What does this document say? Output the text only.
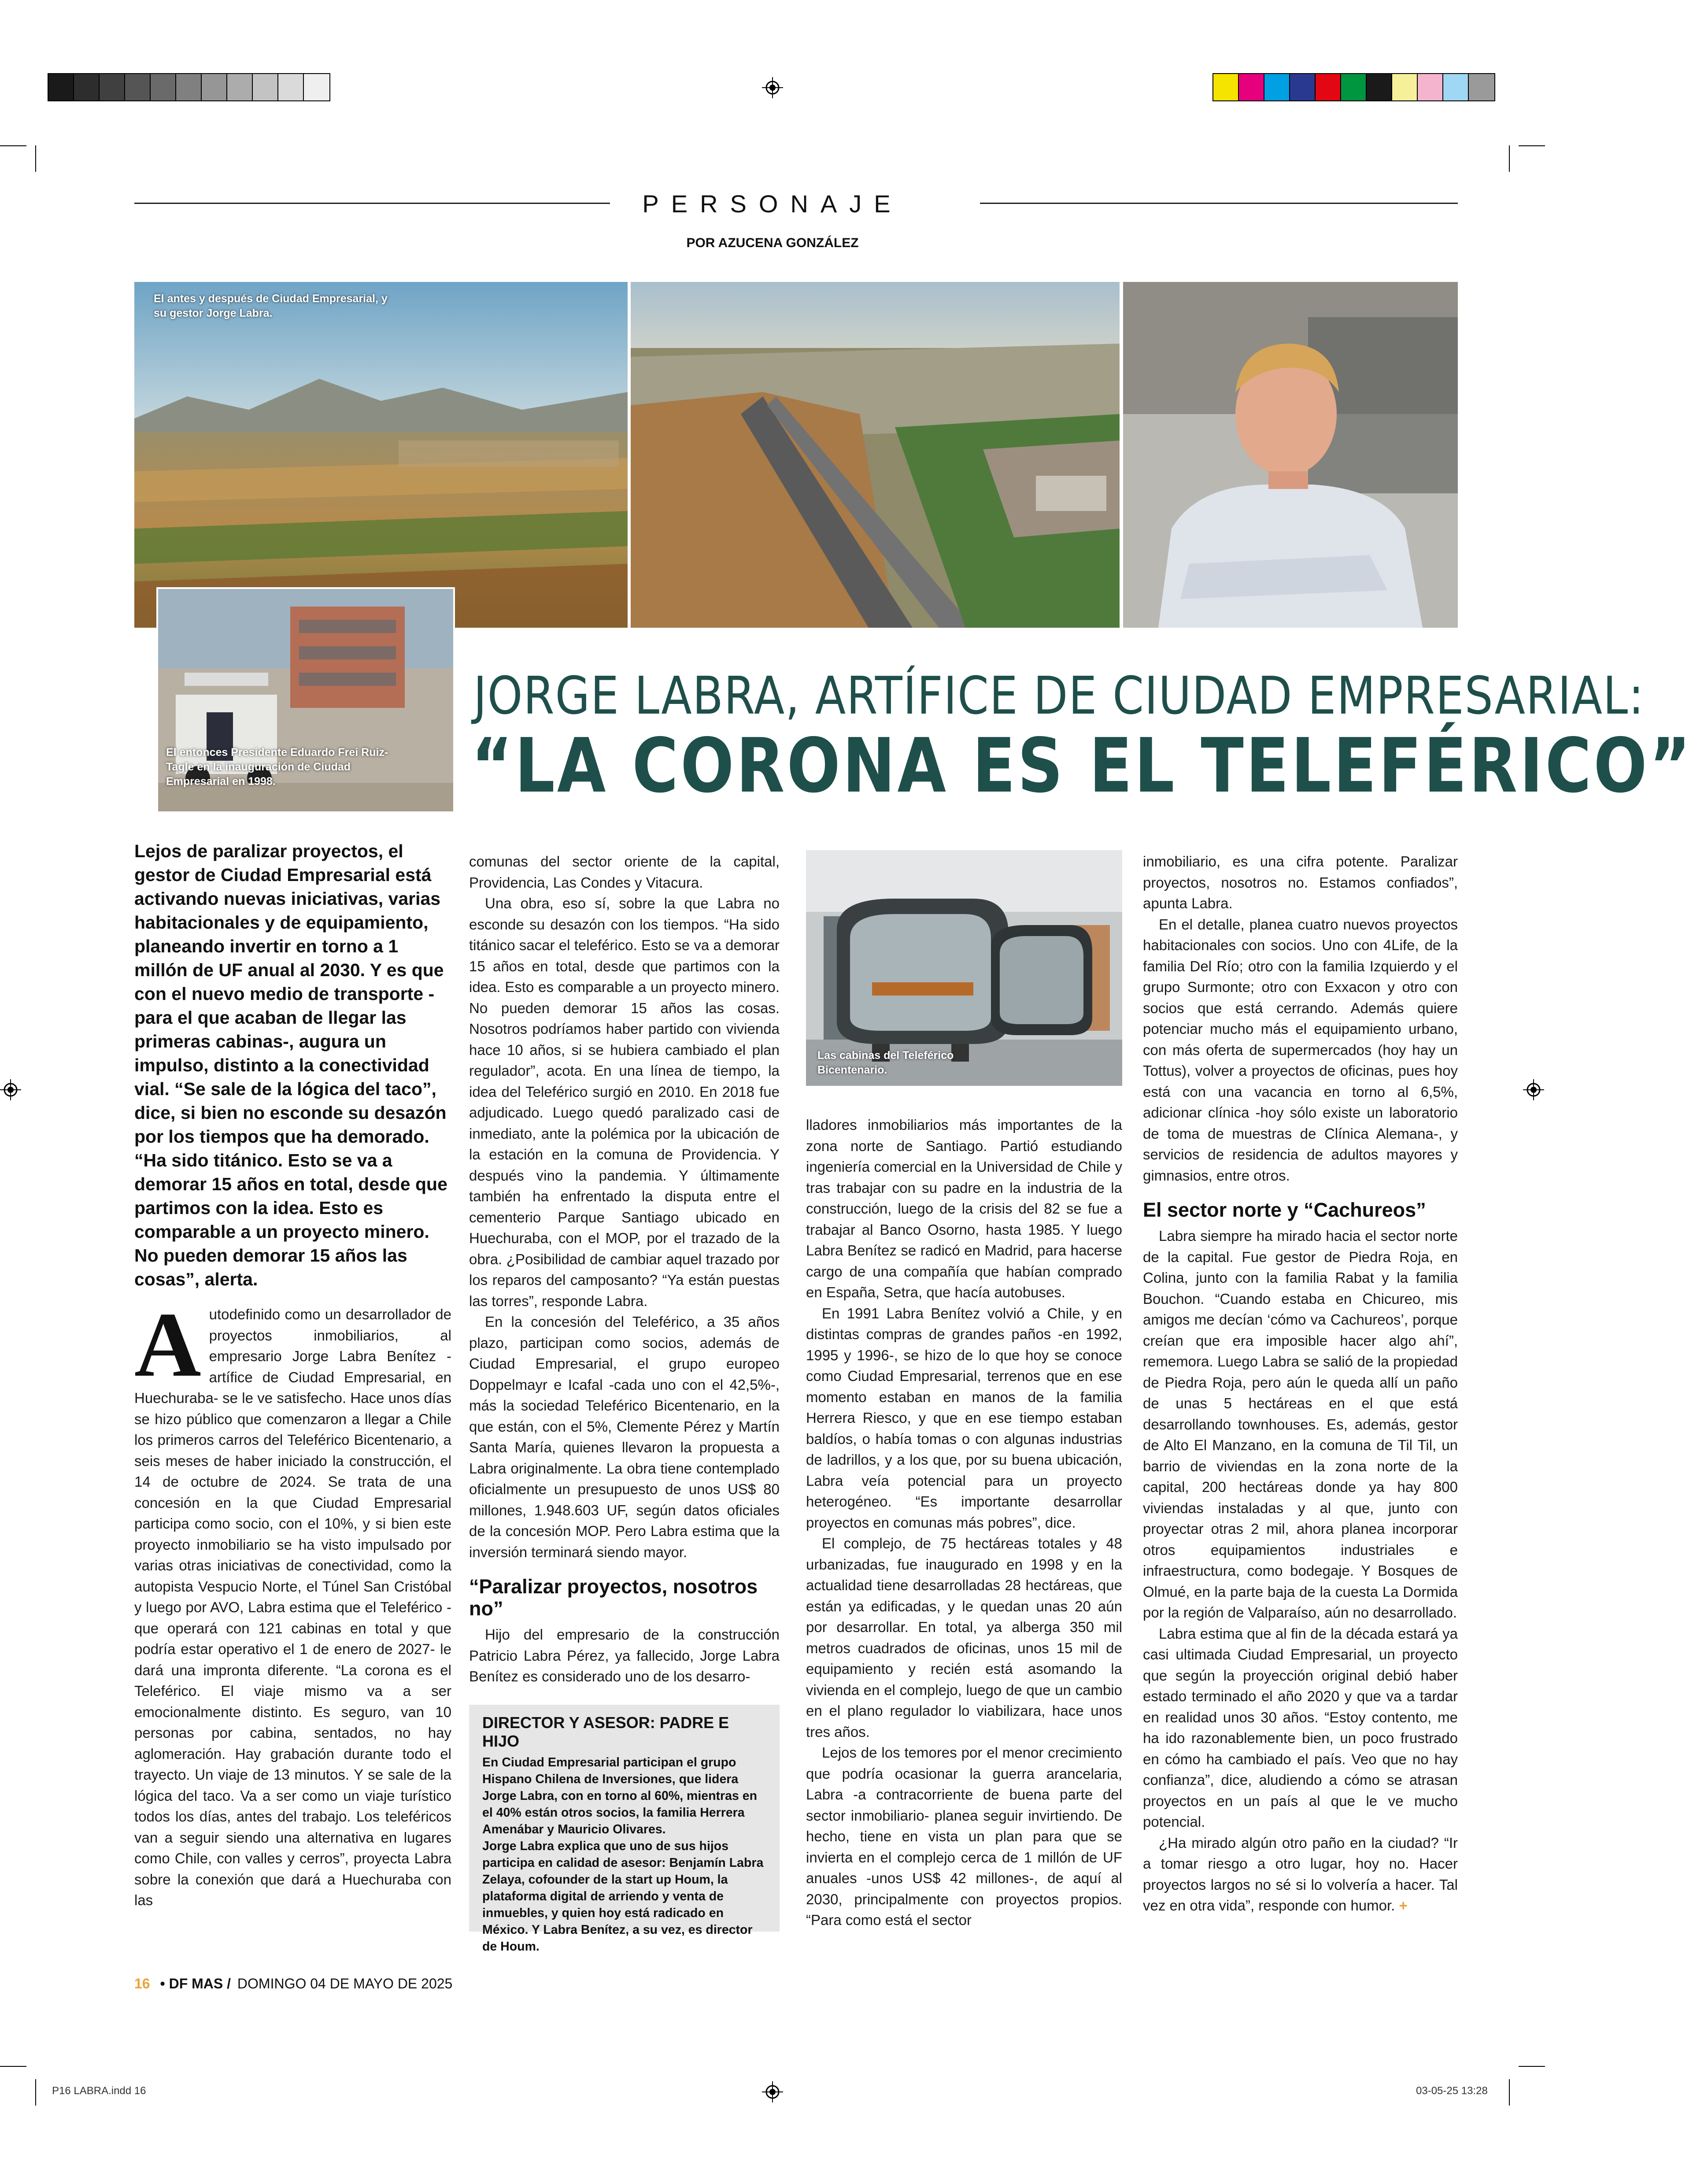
PERSONAJE
POR AZUCENA GONZÁLEZ
El antes y después de Ciudad Empresarial, y su gestor Jorge Labra.
El entonces Presidente Eduardo Frei Ruiz-Tagle en la inauguración de Ciudad Empresarial en 1998.
JORGE LABRA, ARTÍFICE DE CIUDAD EMPRESARIAL:
“LA CORONA ES EL TELEFÉRICO”
Lejos de paralizar proyectos, el gestor de Ciudad Empresarial está activando nuevas iniciativas, varias habitacionales y de equipamiento, planeando invertir en torno a 1 millón de UF anual al 2030. Y es que con el nuevo medio de transporte -para el que acaban de llegar las primeras cabinas-, augura un impulso, distinto a la conectividad vial. “Se sale de la lógica del taco”, dice, si bien no esconde su desazón por los tiempos que ha demorado. “Ha sido titánico. Esto se va a demorar 15 años en total, desde que partimos con la idea. Esto es comparable a un proyecto minero. No pueden demorar 15 años las cosas”, alerta.

Autodefinido como un desarrollador de proyectos inmobiliarios, al empresario Jorge Labra Benítez -artífice de Ciudad Empresarial, en Huechuraba- se le ve satisfecho. Hace unos días se hizo público que comenzaron a llegar a Chile los primeros carros del Teleférico Bicentenario, a seis meses de haber iniciado la construcción, el 14 de octubre de 2024. Se trata de una concesión en la que Ciudad Empresarial participa como socio, con el 10%, y si bien este proyecto inmobiliario se ha visto impulsado por varias otras iniciativas de conectividad, como la autopista Vespucio Norte, el Túnel San Cristóbal y luego por AVO, Labra estima que el Teleférico -que operará con 121 cabinas en total y que podría estar operativo el 1 de enero de 2027- le dará una impronta diferente. “La corona es el Teleférico. El viaje mismo va a ser emocionalmente distinto. Es seguro, van 10 personas por cabina, sentados, no hay aglomeración. Hay grabación durante todo el trayecto. Un viaje de 13 minutos. Y se sale de la lógica del taco. Va a ser como un viaje turístico todos los días, antes del trabajo. Los teleféricos van a seguir siendo una alternativa en lugares como Chile, con valles y cerros”, proyecta Labra sobre la conexión que dará a Huechuraba con las

comunas del sector oriente de la capital, Providencia, Las Condes y Vitacura.

Una obra, eso sí, sobre la que Labra no esconde su desazón con los tiempos. “Ha sido titánico sacar el teleférico. Esto se va a demorar 15 años en total, desde que partimos con la idea. Esto es comparable a un proyecto minero. No pueden demorar 15 años las cosas. Nosotros podríamos haber partido con vivienda hace 10 años, si se hubiera cambiado el plan regulador”, acota. En una línea de tiempo, la idea del Teleférico surgió en 2010. En 2018 fue adjudicado. Luego quedó paralizado casi de inmediato, ante la polémica por la ubicación de la estación en la comuna de Providencia. Y después vino la pandemia. Y últimamente también ha enfrentado la disputa entre el cementerio Parque Santiago ubicado en Huechuraba, con el MOP, por el trazado de la obra. ¿Posibilidad de cambiar aquel trazado por los reparos del camposanto? “Ya están puestas las torres”, responde Labra.

En la concesión del Teleférico, a 35 años plazo, participan como socios, además de Ciudad Empresarial, el grupo europeo Doppelmayr e Icafal -cada uno con el 42,5%-, más la sociedad Teleférico Bicentenario, en la que están, con el 5%, Clemente Pérez y Martín Santa María, quienes llevaron la propuesta a Labra originalmente. La obra tiene contemplado oficialmente un presupuesto de unos US$ 80 millones, 1.948.603 UF, según datos oficiales de la concesión MOP. Pero Labra estima que la inversión terminará siendo mayor.

“Paralizar proyectos, nosotros no”

Hijo del empresario de la construcción Patricio Labra Pérez, ya fallecido, Jorge Labra Benítez es considerado uno de los desarro-

DIRECTOR Y ASESOR: PADRE E HIJO

En Ciudad Empresarial participan el grupo Hispano Chilena de Inversiones, que lidera Jorge Labra, con en torno al 60%, mientras en el 40% están otros socios, la familia Herrera Amenábar y Mauricio Olivares.

Jorge Labra explica que uno de sus hijos participa en calidad de asesor: Benjamín Labra Zelaya, cofounder de la start up Houm, la plataforma digital de arriendo y venta de inmuebles, y quien hoy está radicado en México. Y Labra Benítez, a su vez, es director de Houm.

Las cabinas del Teleférico Bicentenario.

lladores inmobiliarios más importantes de la zona norte de Santiago. Partió estudiando ingeniería comercial en la Universidad de Chile y tras trabajar con su padre en la industria de la construcción, luego de la crisis del 82 se fue a trabajar al Banco Osorno, hasta 1985. Y luego Labra Benítez se radicó en Madrid, para hacerse cargo de una compañía que habían comprado en España, Setra, que hacía autobuses.

En 1991 Labra Benítez volvió a Chile, y en distintas compras de grandes paños -en 1992, 1995 y 1996-, se hizo de lo que hoy se conoce como Ciudad Empresarial, terrenos que en ese momento estaban en manos de la familia Herrera Riesco, y que en ese tiempo estaban baldíos, o había tomas o con algunas industrias de ladrillos, y a los que, por su buena ubicación, Labra veía potencial para un proyecto heterogéneo. “Es importante desarrollar proyectos en comunas más pobres”, dice.

El complejo, de 75 hectáreas totales y 48 urbanizadas, fue inaugurado en 1998 y en la actualidad tiene desarrolladas 28 hectáreas, que están ya edificadas, y le quedan unas 20 aún por desarrollar. En total, ya alberga 350 mil metros cuadrados de oficinas, unos 15 mil de equipamiento y recién está asomando la vivienda en el complejo, luego de que un cambio en el plano regulador lo viabilizara, hace unos tres años.

Lejos de los temores por el menor crecimiento que podría ocasionar la guerra arancelaria, Labra -a contracorriente de buena parte del sector inmobiliario- planea seguir invirtiendo. De hecho, tiene en vista un plan para que se invierta en el complejo cerca de 1 millón de UF anuales -unos US$ 42 millones-, de aquí al 2030, principalmente con proyectos propios. “Para como está el sector

inmobiliario, es una cifra potente. Paralizar proyectos, nosotros no. Estamos confiados”, apunta Labra.

En el detalle, planea cuatro nuevos proyectos habitacionales con socios. Uno con 4Life, de la familia Del Río; otro con la familia Izquierdo y el grupo Surmonte; otro con Exxacon y otro con socios que está cerrando. Además quiere potenciar mucho más el equipamiento urbano, con más oferta de supermercados (hoy hay un Tottus), volver a proyectos de oficinas, pues hoy está con una vacancia en torno al 6,5%, adicionar clínica -hoy sólo existe un laboratorio de toma de muestras de Clínica Alemana-, y servicios de residencia de adultos mayores y gimnasios, entre otros.

El sector norte y “Cachureos”

Labra siempre ha mirado hacia el sector norte de la capital. Fue gestor de Piedra Roja, en Colina, junto con la familia Rabat y la familia Bouchon. “Cuando estaba en Chicureo, mis amigos me decían ‘cómo va Cachureos’, porque creían que era imposible hacer algo ahí”, rememora. Luego Labra se salió de la propiedad de Piedra Roja, pero aún le queda allí un paño de unas 5 hectáreas en el que está desarrollando townhouses. Es, además, gestor de Alto El Manzano, en la comuna de Til Til, un barrio de viviendas en la zona norte de la capital, 200 hectáreas donde ya hay 800 viviendas instaladas y al que, junto con proyectar otras 2 mil, ahora planea incorporar otros equipamientos industriales e infraestructura, como bodegaje. Y Bosques de Olmué, en la parte baja de la cuesta La Dormida por la región de Valparaíso, aún no desarrollado.

Labra estima que al fin de la década estará ya casi ultimada Ciudad Empresarial, un proyecto que según la proyección original debió haber estado terminado el año 2020 y que va a tardar en realidad unos 30 años. “Estoy contento, me ha ido razonablemente bien, un poco frustrado en cómo ha cambiado el país. Veo que no hay confianza”, dice, aludiendo a cómo se atrasan proyectos en un país al que le ve mucho potencial.

¿Ha mirado algún otro paño en la ciudad? “Ir a tomar riesgo a otro lugar, hoy no. Hacer proyectos largos no sé si lo volvería a hacer. Tal vez en otra vida”, responde con humor. +

16 • DF MAS / DOMINGO 04 DE MAYO DE 2025
P16 LABRA.indd 16	03-05-25 13:28
